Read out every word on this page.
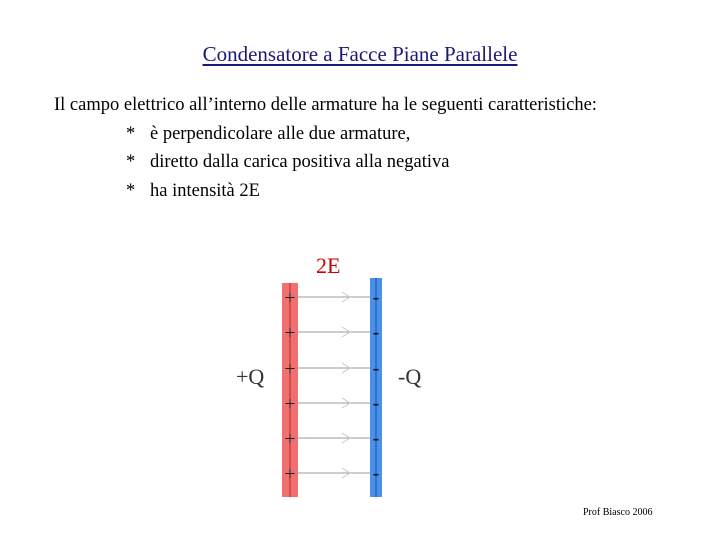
Condensatore a Facce Piane Parallele
Il campo elettrico all’interno delle armature ha le seguenti caratteristiche:
* è perpendicolare alle due armature,
* diretto dalla carica positiva alla negativa
* ha intensità 2E
+
+
+
+
+
+
-
-
-
-
-
-
2E
+Q	-Q
Prof Biasco 2006
